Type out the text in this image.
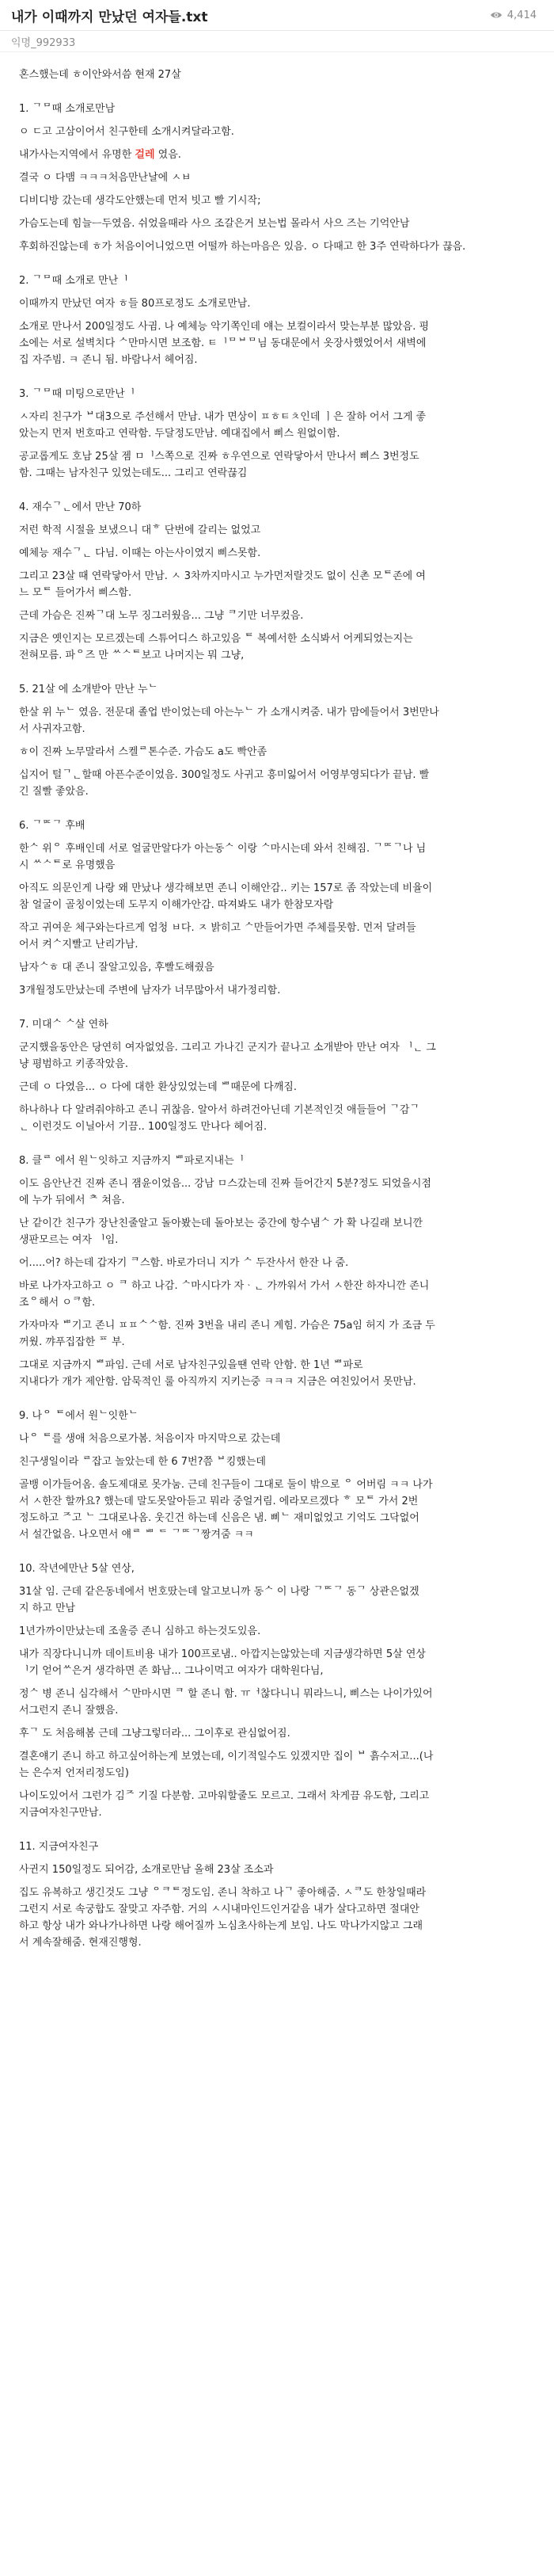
내가 이때까지 만났던 여자들.txt	4,414
익명_992933

혼스했는데 ㅎ이안와서씀 현재 27살

1. ᄀᄆ때 소개로만남

ㅇ ㄷ고 고삼이어서 친구한테 소개시켜달라고함.

내가사는지역에서 유명한 걸레 였음.

결국 ㅇ 다맴 ㅋㅋㅋ처음만난날에 ㅅㅂ

디비디방 갔는데 생각도안했는데 먼저 빗고 빨 기시작;

가슴도는데 힘늘ᅳ두였음. 쉬었을때라 사으 조갈은거 보는법 몰라서 사으 즈는 기억안남

후회하진않는데 ㅎ가 처음이어니었으면 어떨까 하는마음은 있음. ㅇ 다때고 한 3주 연락하다가 끊음.

2. ᄀᄆ때 소개로 만난ᅵ

이때까지 만났던 여자 ㅎ들 80프로정도 소개로만남.

소개로 만나서 200일정도 사귐. 나 예체능 악기쪽인데 얘는 보컬이라서 맞는부분 많았음. 평

소에는 서로 설벽치다 ᄉ만마시면 보조함. ㅌᅵᄆᄇᄆ님 동대문에서 옷장사했었어서 새벽에

집 자주빔. ㅋ 존니 됨. 바람나서 헤어짐.

3. ᄀᄆ때 미팅으로만난ᅵ

ㅅ자리 친구가 ᄇ대3으로 주선해서 만남. 내가 면상이 ㅍㅎㅌㅊ인데 ㅣ은 잘하 어서 그게 좋

았는지 먼저 번호따고 연락함. 두달정도만남. 예대집에서 삐스 원없이함.

공교롭게도 호남 25살 젬 ㅁᅵ스쪽으로 진짜 ㅎ우연으로 연락닿아서 만나서 삐스 3번정도

함. 그때는 남자친구 있었는데도... 그리고 연락끊김

4. 재수ᄀᆫ에서 만난 70하

저런 학적 시절을 보냈으니 대ᄒ 단번에 갈리는 없었고

예체능 재수ᄀᆫ 다님. 이때는 아는사이였지 삐스못함.

그리고 23살 때 연락닿아서 만남. ㅅ 3차까지마시고 누가먼저랄것도 없이 신촌 모ᄐ존에 여

느 모ᄐ 들어가서 삐스함.

근데 가슴은 진짜ᄀ대 노무 징그러웠음... 그냥 ᄏ기만 너무컸음.

지금은 옛인지는 모르겠는데 스튜어디스 하고있음 ᄐ 복예서한 소식봐서 어케되었는지는

전혀모름. 파ᄋ즈 만 ᄊᄉᄐ보고 나머지는 뭐 그냥,

5. 21살 에 소개받아 만난 누ᄂ

한살 위 누ᄂ 였음. 전문대 졸업 반이었는데 아는누ᄂ 가 소개시켜줌. 내가 맘에들어서 3번만나

서 사귀자고함.

ㅎ이 진짜 노무말라서 스켈ᄅ톤수준. 가슴도 a도 빡안좀

십지어 털ᄀᆫ할때 아픈수준이었음. 300일정도 사귀고 흥미잃어서 어영부영되다가 끝남. 빨

긴 질빨 좋았음.

6. ᄀᄆᄃᄀ 후배

한ᄉ 위ᄋ 후배인데 서로 얼굴만알다가 아는동ᄉ 이랑 ᄉ마시는데 와서 친해짐. ᄀᄆᄃᄀ나 님

시 ᄊᄉᄐ로 유명했음

아직도 의문인게 나랑 왜 만났나 생각해보면 존니 이해안감.. 키는 157로 좀 작았는데 비율이

참 얼굴이 골칭이었는데 도무지 이해가안감. 따져봐도 내가 한참모자람

작고 귀여운 체구와는다르게 엄청 ㅂ다. ㅈ 밝히고 ᄉ만들어가면 주체를못함. 먼저 달려들

어서 켜ᄉ지빨고 난리가남.

남자ᄉㅎ 대 존니 잘알고있음, 후빨도해줬음

3개월정도만났는데 주변에 남자가 너무많아서 내가정리함.

7. 미대ᄉ ᄉ살 연하

군지했을동안은 당연히 여자없었음. 그리고 가나긴 군지가 끝나고 소개받아 만난 여자 ᅵᆫ 그

냥 평범하고 키종작았음.

근데 ㅇ 다였음... ㅇ 다에 대한 환상있었는데 ᄈ때문에 다깨짐.

하나하나 다 알려줘야하고 존니 귀찮음. 알아서 하려건아닌데 기본적인것 애들들어 ᄀ감ᄀ

ᆫ 이런것도 이닐아서 기끔.. 100일정도 만나다 헤어짐.

8. 클ᄅ 에서 원ᄂ잇하고 지금까지 ᄈ파로지내는ᅵ

이도 음안난건 진짜 존니 잼윤이었음... 강남 ㅁ스갔는데 진짜 들어간지 5분?정도 되었을시점

에 누가 뒤에서 ᄎ 쳐음.

난 같이간 친구가 장난친줄알고 돌아봤는데 돌아보는 중간에 항수냄ᄉ 가 확 나길래 보니깐

생판모르는 여자 ᅵ임.

어.....어? 하는데 갑자기 ᄏ스함. 바로가더니 지가 ᄉ 두잔사서 한잔 나 줌.

바로 나가자고하고 ㅇ ᄏ 하고 나감. ᄉ마시다가 자ᆞᆫ 가까워서 가서 ㅅ한잔 하자니깐 존니

조ᄋ해서 ㅇᄏ함.

가자마자 ᄈ기고 존니 ㅍㅍᄉᄉ함. 진짜 3번을 내리 존니 계힘. 가슴은 75a임 허지 가 조금 두

꺼웠. 꺄푸집잡한 ᄑ 부.

그대로 지금까지 ᄈ파임. 근데 서로 남자친구있을땐 연락 안함. 한 1년 ᄈ파로

지내다가 개가 제안함. 암묵적인 룰 아직까지 지키는중 ㅋㅋㅋ 지금은 여친있어서 못만남.

9. 나ᄋ ᄐ에서 원ᄂ잇한ᄂ

나ᄋ ᄐ를 생애 처음으로가봄. 처음이자 마지막으로 갔는데

친구생일이라 ᄅ잡고 놀았는데 한 6 7번?쯤 ᄇ킹했는데

골뱅 이가들어옴. 솔도제대로 못가눔. 근데 친구들이 그대로 둘이 밖으로 ᄋ 어버림 ㅋㅋ 나가

서 ㅅ한잔 할까요? 했는데 말도못알아듣고 뭐라 중얼거림. 에라모르겠다 ᄒ 모ᄐ 가서 2번

정도하고 ᄌ고 ᄂ 그대로나옴. 웃긴건 하는데 신음은 냄. 삐ᄂ 재미없었고 기억도 그닥없어

서 설간없음. 나오면서 얘ᄅ ᄈ ᄃ ᄀᄆᄃᄀ짱겨줌 ㅋㅋ

10. 작년에만난 5살 연상,

31살 임. 근데 같은동네에서 번호땄는데 알고보니까 동ᄉ 이 나랑 ᄀᄆᄃᄀ 동ᄀ 상관은없겠

지 하고 만남

1년가까이만났는데 조울증 존니 심하고 하는것도있음.

내가 직장다니니까 데이트비용 내가 100프로냄.. 아깝지는않았는데 지금생각하면 5살 연상

ᅵ기 얻어ᄊ은거 생각하면 존 화남... 그나이먹고 여자가 대학원다님,

정ᄉ 병 존니 심각해서 ᄉ만마시면 ᄏ 할 존니 함. ㅠᅥ찮다니니 뭐라느니, 삐스는 나이가있어

서그런지 존니 잘했음.

후ᄀ 도 처음해봄 근데 그냥그렇더라... 그이후로 관심없어짐.

결혼얘기 존니 하고 하고싶어하는게 보였는데, 이기적일수도 있겠지만 집이 ᄇ 흙수저고...(나

는 은수저 언저리정도임)

나이도있어서 그런가 김ᄌ 기질 다분함. 고마워할줄도 모르고. 그래서 차게끔 유도함, 그리고

지금여자친구만남.

11. 지금여자친구

사귄지 150일정도 되어감, 소개로만남 올해 23살 조소과

집도 유복하고 생긴것도 그냥 ᄋᄏᄐ정도임. 존니 착하고 나ᄀ 좋아해줌. ㅅᄏ도 한창일때라

그런지 서로 속궁합도 잘맞고 자주함. 거의 ㅅ시내마인드인거같음 내가 살다고하면 절대안

하고 항상 내가 와나가나하면 나랑 해어질까 노심초사하는게 보임. 나도 막나가지않고 그래

서 계속잘해줌. 현재진행형.
